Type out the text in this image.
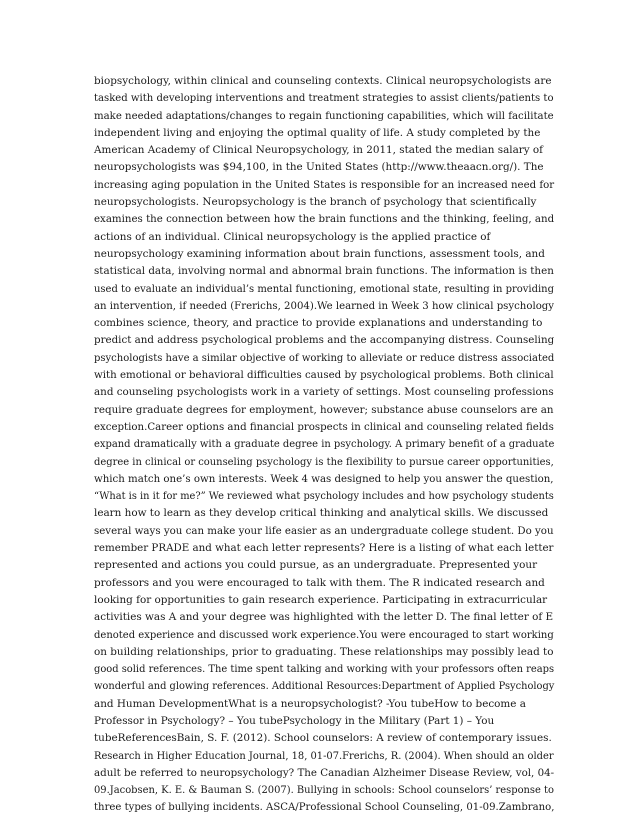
biopsychology, within clinical and counseling contexts. Clinical neuropsychologists are
tasked with developing interventions and treatment strategies to assist clients/patients to
make needed adaptations/changes to regain functioning capabilities, which will facilitate
independent living and enjoying the optimal quality of life. A study completed by the
American Academy of Clinical Neuropsychology, in 2011, stated the median salary of
neuropsychologists was $94,100, in the United States (http://www.theaacn.org/). The
increasing aging population in the United States is responsible for an increased need for
neuropsychologists. Neuropsychology is the branch of psychology that scientifically
examines the connection between how the brain functions and the thinking, feeling, and
actions of an individual. Clinical neuropsychology is the applied practice of
neuropsychology examining information about brain functions, assessment tools, and
statistical data, involving normal and abnormal brain functions. The information is then
used to evaluate an individual’s mental functioning, emotional state, resulting in providing
an intervention, if needed (Frerichs, 2004).We learned in Week 3 how clinical psychology
combines science, theory, and practice to provide explanations and understanding to
predict and address psychological problems and the accompanying distress. Counseling
psychologists have a similar objective of working to alleviate or reduce distress associated
with emotional or behavioral difficulties caused by psychological problems. Both clinical
and counseling psychologists work in a variety of settings. Most counseling professions
require graduate degrees for employment, however; substance abuse counselors are an
exception.Career options and financial prospects in clinical and counseling related fields
expand dramatically with a graduate degree in psychology. A primary benefit of a graduate
degree in clinical or counseling psychology is the flexibility to pursue career opportunities,
which match one’s own interests. Week 4 was designed to help you answer the question,
“What is in it for me?” We reviewed what psychology includes and how psychology students
learn how to learn as they develop critical thinking and analytical skills. We discussed
several ways you can make your life easier as an undergraduate college student. Do you
remember PRADE and what each letter represents? Here is a listing of what each letter
represented and actions you could pursue, as an undergraduate. Prepresented your
professors and you were encouraged to talk with them. The R indicated research and
looking for opportunities to gain research experience. Participating in extracurricular
activities was A and your degree was highlighted with the letter D. The final letter of E
denoted experience and discussed work experience.You were encouraged to start working
on building relationships, prior to graduating. These relationships may possibly lead to
good solid references. The time spent talking and working with your professors often reaps
wonderful and glowing references. Additional Resources:Department of Applied Psychology
and Human DevelopmentWhat is a neuropsychologist? -You tubeHow to become a
Professor in Psychology? – You tubePsychology in the Military (Part 1) – You
tubeReferencesBain, S. F. (2012). School counselors: A review of contemporary issues.
Research in Higher Education Journal, 18, 01-07.Frerichs, R. (2004). When should an older
adult be referred to neuropsychology? The Canadian Alzheimer Disease Review, vol, 04-
09.Jacobsen, K. E. & Bauman S. (2007). Bullying in schools: School counselors’ response to
three types of bullying incidents. ASCA/Professional School Counseling, 01-09.Zambrano,
